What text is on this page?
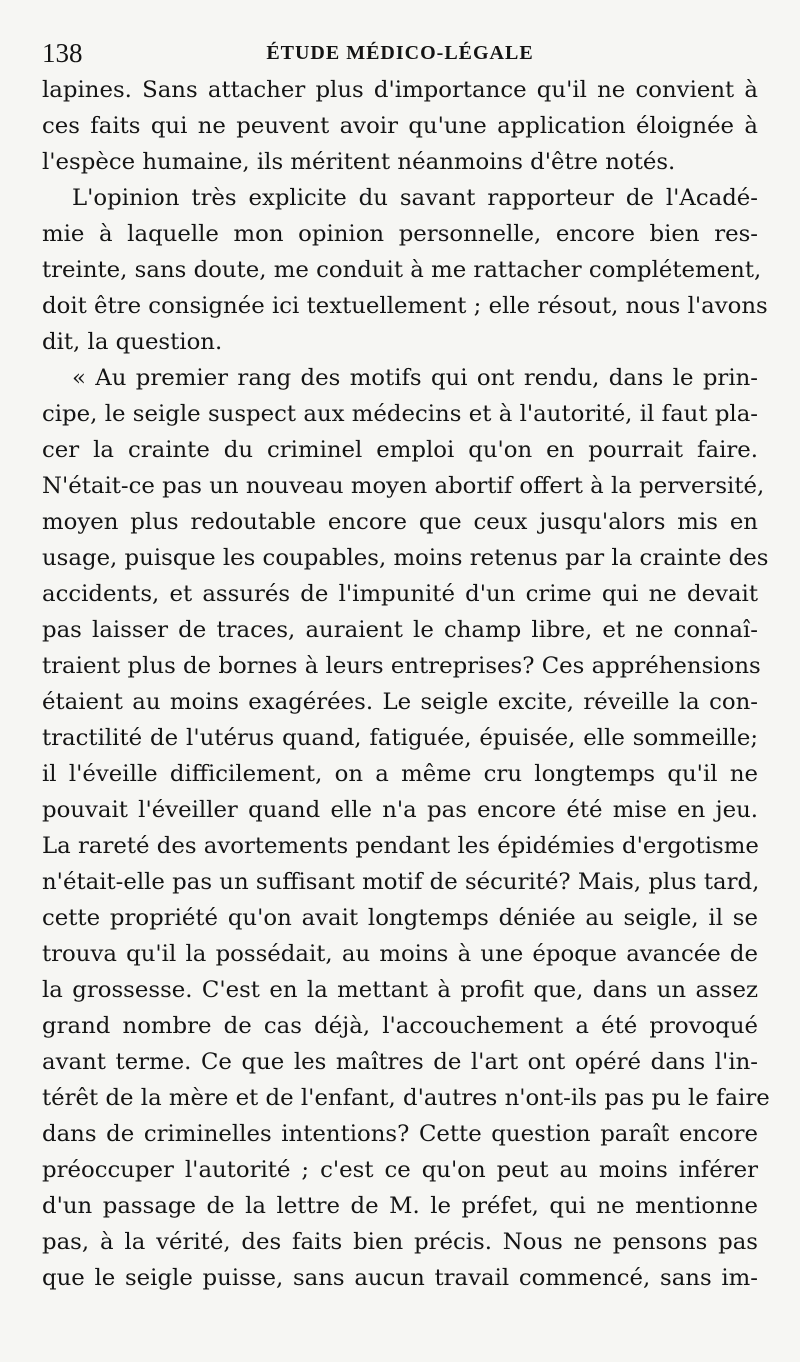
138	ÉTUDE MÉDICO-LÉGALE
lapines. Sans attacher plus d'importance qu'il ne convient à
ces faits qui ne peuvent avoir qu'une application éloignée à
l'espèce humaine, ils méritent néanmoins d'être notés.
L'opinion très explicite du savant rapporteur de l'Acadé-
mie à laquelle mon opinion personnelle, encore bien res-
treinte, sans doute, me conduit à me rattacher complétement,
doit être consignée ici textuellement ; elle résout, nous l'avons
dit, la question.
« Au premier rang des motifs qui ont rendu, dans le prin-
cipe, le seigle suspect aux médecins et à l'autorité, il faut pla-
cer la crainte du criminel emploi qu'on en pourrait faire.
N'était-ce pas un nouveau moyen abortif offert à la perversité,
moyen plus redoutable encore que ceux jusqu'alors mis en
usage, puisque les coupables, moins retenus par la crainte des
accidents, et assurés de l'impunité d'un crime qui ne devait
pas laisser de traces, auraient le champ libre, et ne connaî-
traient plus de bornes à leurs entreprises? Ces appréhensions
étaient au moins exagérées. Le seigle excite, réveille la con-
tractilité de l'utérus quand, fatiguée, épuisée, elle sommeille;
il l'éveille difficilement, on a même cru longtemps qu'il ne
pouvait l'éveiller quand elle n'a pas encore été mise en jeu.
La rareté des avortements pendant les épidémies d'ergotisme
n'était-elle pas un suffisant motif de sécurité? Mais, plus tard,
cette propriété qu'on avait longtemps déniée au seigle, il se
trouva qu'il la possédait, au moins à une époque avancée de
la grossesse. C'est en la mettant à profit que, dans un assez
grand nombre de cas déjà, l'accouchement a été provoqué
avant terme. Ce que les maîtres de l'art ont opéré dans l'in-
térêt de la mère et de l'enfant, d'autres n'ont-ils pas pu le faire
dans de criminelles intentions? Cette question paraît encore
préoccuper l'autorité ; c'est ce qu'on peut au moins inférer
d'un passage de la lettre de M. le préfet, qui ne mentionne
pas, à la vérité, des faits bien précis. Nous ne pensons pas
que le seigle puisse, sans aucun travail commencé, sans im-
